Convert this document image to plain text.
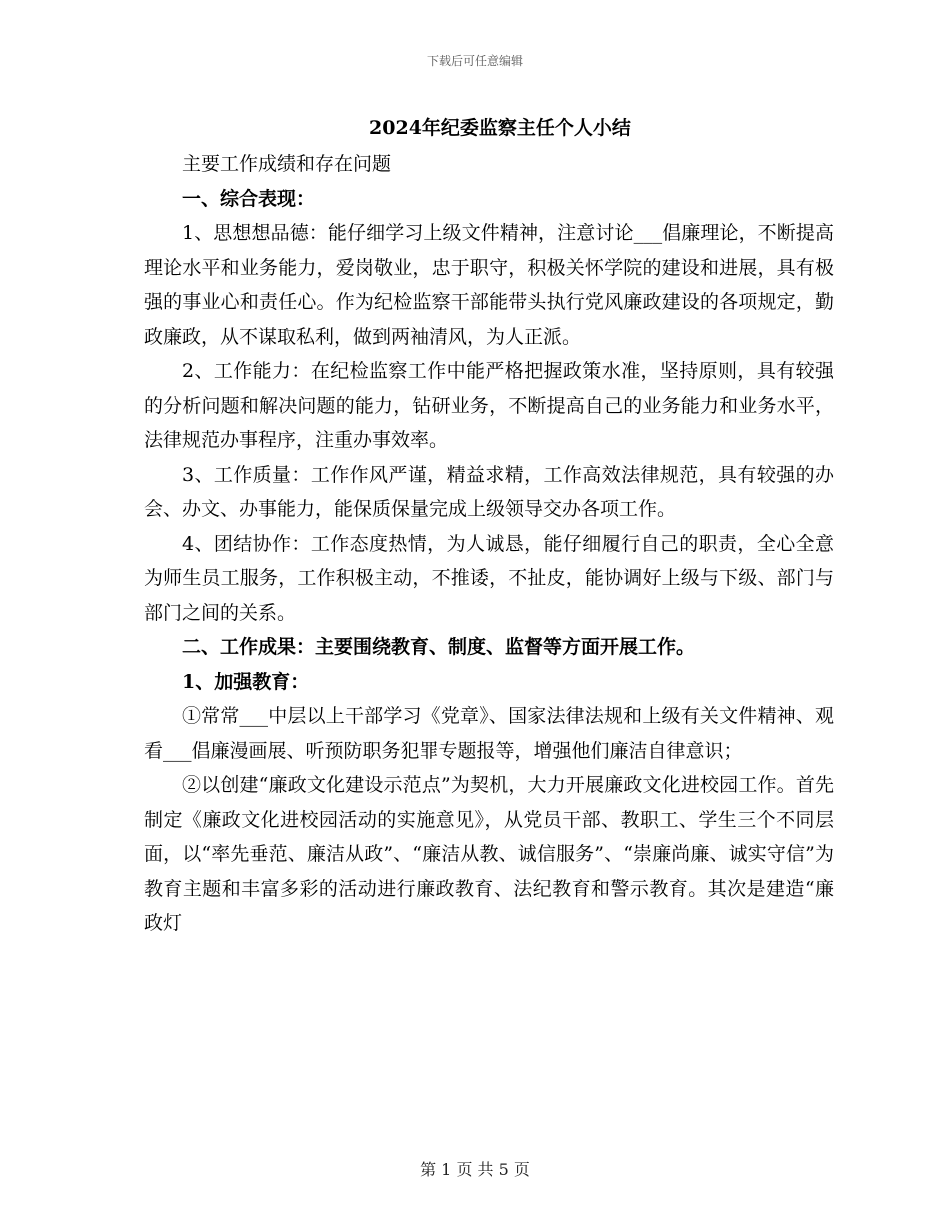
下载后可任意编辑
2024年纪委监察主任个人小结

主要工作成绩和存在问题

一、综合表现：

1、思想想品德：能仔细学习上级文件精神，注意讨论___倡廉理论，不断提高理论水平和业务能力，爱岗敬业，忠于职守，积极关怀学院的建设和进展，具有极强的事业心和责任心。作为纪检监察干部能带头执行党风廉政建设的各项规定，勤政廉政，从不谋取私利，做到两袖清风，为人正派。

2、工作能力：在纪检监察工作中能严格把握政策水准，坚持原则，具有较强的分析问题和解决问题的能力，钻研业务，不断提高自己的业务能力和业务水平，法律规范办事程序，注重办事效率。

3、工作质量：工作作风严谨，精益求精，工作高效法律规范，具有较强的办会、办文、办事能力，能保质保量完成上级领导交办各项工作。

4、团结协作：工作态度热情，为人诚恳，能仔细履行自己的职责，全心全意为师生员工服务，工作积极主动，不推诿，不扯皮，能协调好上级与下级、部门与部门之间的关系。

二、工作成果：主要围绕教育、制度、监督等方面开展工作。

1、加强教育：

①常常___中层以上干部学习《党章》、国家法律法规和上级有关文件精神、观看___倡廉漫画展、听预防职务犯罪专题报等，增强他们廉洁自律意识；

②以创建“廉政文化建设示范点”为契机，大力开展廉政文化进校园工作。首先制定《廉政文化进校园活动的实施意见》，从党员干部、教职工、学生三个不同层面，以“率先垂范、廉洁从政”、“廉洁从教、诚信服务”、“崇廉尚廉、诚实守信”为教育主题和丰富多彩的活动进行廉政教育、法纪教育和警示教育。其次是建造“廉政灯

第 1 页 共 5 页
